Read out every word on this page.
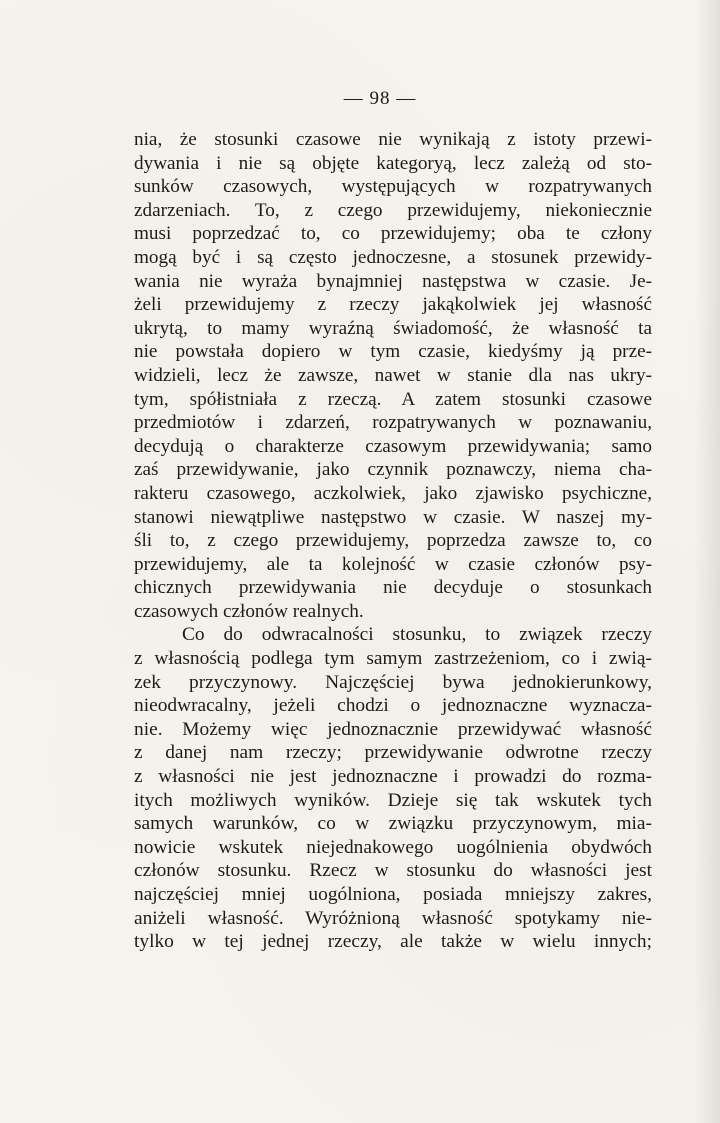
— 98 —
nia, że stosunki czasowe nie wynikają z istoty przewi-
dywania i nie są objęte kategoryą, lecz zależą od sto-
sunków czasowych, występujących w rozpatrywanych
zdarzeniach. To, z czego przewidujemy, niekoniecznie
musi poprzedzać to, co przewidujemy; oba te człony
mogą być i są często jednoczesne, a stosunek przewidy-
wania nie wyraża bynajmniej następstwa w czasie. Je-
żeli przewidujemy z rzeczy jakąkolwiek jej własność
ukrytą, to mamy wyraźną świadomość, że własność ta
nie powstała dopiero w tym czasie, kiedyśmy ją prze-
widzieli, lecz że zawsze, nawet w stanie dla nas ukry-
tym, spółistniała z rzeczą. A zatem stosunki czasowe
przedmiotów i zdarzeń, rozpatrywanych w poznawaniu,
decydują o charakterze czasowym przewidywania; samo
zaś przewidywanie, jako czynnik poznawczy, niema cha-
rakteru czasowego, aczkolwiek, jako zjawisko psychiczne,
stanowi niewątpliwe następstwo w czasie. W naszej my-
śli to, z czego przewidujemy, poprzedza zawsze to, co
przewidujemy, ale ta kolejność w czasie członów psy-
chicznych przewidywania nie decyduje o stosunkach
czasowych członów realnych.
Co do odwracalności stosunku, to związek rzeczy
z własnością podlega tym samym zastrzeżeniom, co i zwią-
zek przyczynowy. Najczęściej bywa jednokierunkowy,
nieodwracalny, jeżeli chodzi o jednoznaczne wyznacza-
nie. Możemy więc jednoznacznie przewidywać własność
z danej nam rzeczy; przewidywanie odwrotne rzeczy
z własności nie jest jednoznaczne i prowadzi do rozma-
itych możliwych wyników. Dzieje się tak wskutek tych
samych warunków, co w związku przyczynowym, mia-
nowicie wskutek niejednakowego uogólnienia obydwóch
członów stosunku. Rzecz w stosunku do własności jest
najczęściej mniej uogólniona, posiada mniejszy zakres,
aniżeli własność. Wyróżnioną własność spotykamy nie-
tylko w tej jednej rzeczy, ale także w wielu innych;
